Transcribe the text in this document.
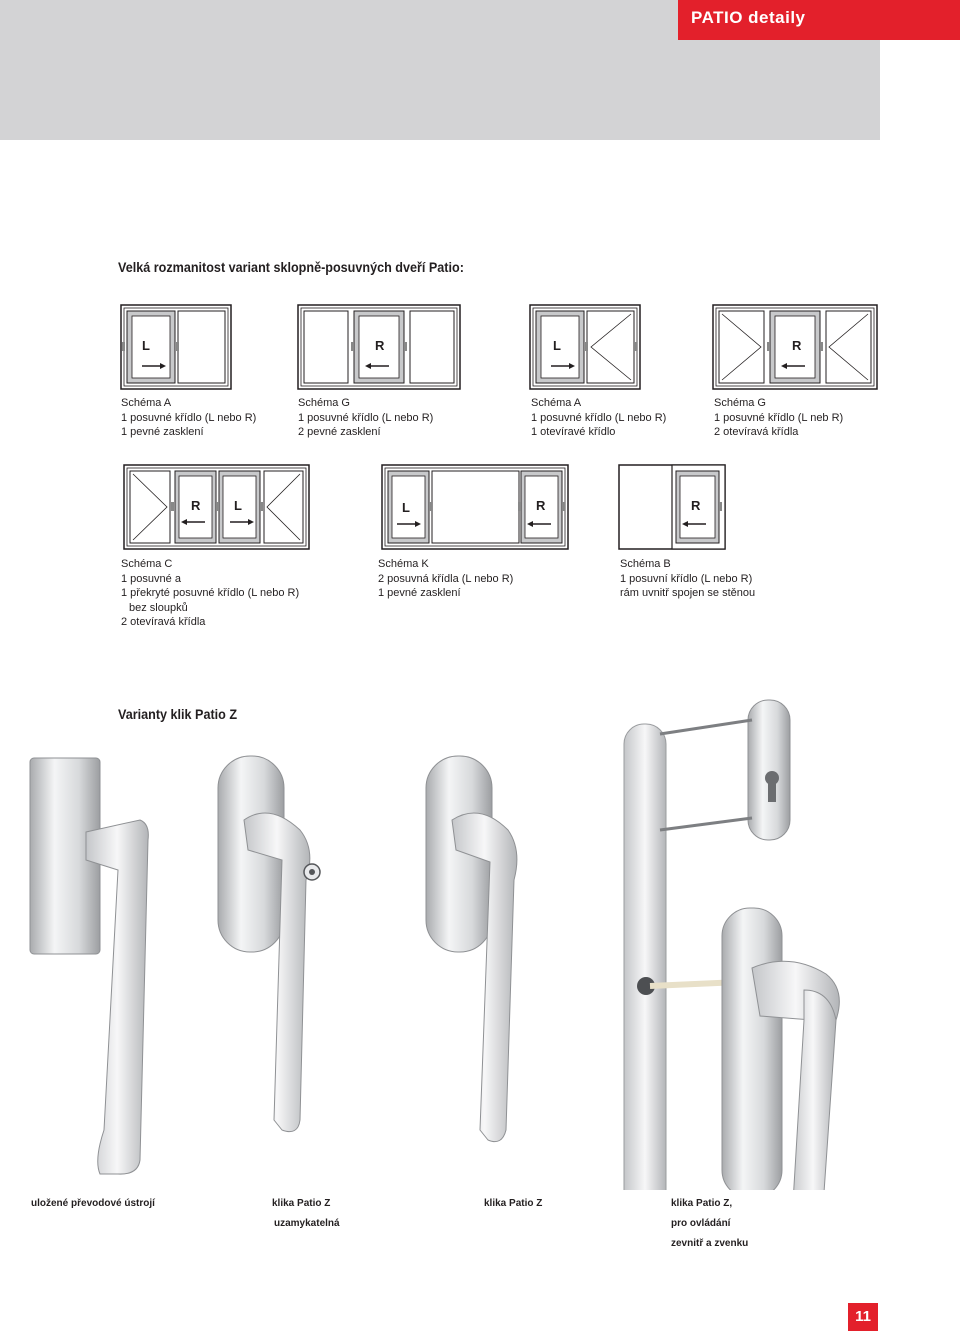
PATIO detaily
Velká rozmanitost variant sklopně-posuvných dveří Patio:
L
Schéma A
1 posuvné křídlo (L nebo R)
1 pevné zasklení
R
Schéma G
1 posuvné křídlo (L nebo R)
2 pevné zasklení
L
Schéma A
1 posuvné křídlo (L nebo R)
1 otevíravé křídlo
R
Schéma G
1 posuvné křídlo (L neb R)
2 otevíravá křídla
R	L
Schéma C
1 posuvné a
1 překryté posuvné křídlo (L nebo R)
bez sloupků
2 otevíravá křídla
L	R
Schéma K
2 posuvná křídla (L nebo R)
1 pevné zasklení
R
Schéma B
1 posuvní křídlo (L nebo R)
rám uvnitř spojen se stěnou
Varianty klik Patio Z
uložené převodové ústrojí	klika Patio Z
uzamykatelná
klika Patio Z	klika Patio Z,
pro ovládání
zevnitř a zvenku
11
